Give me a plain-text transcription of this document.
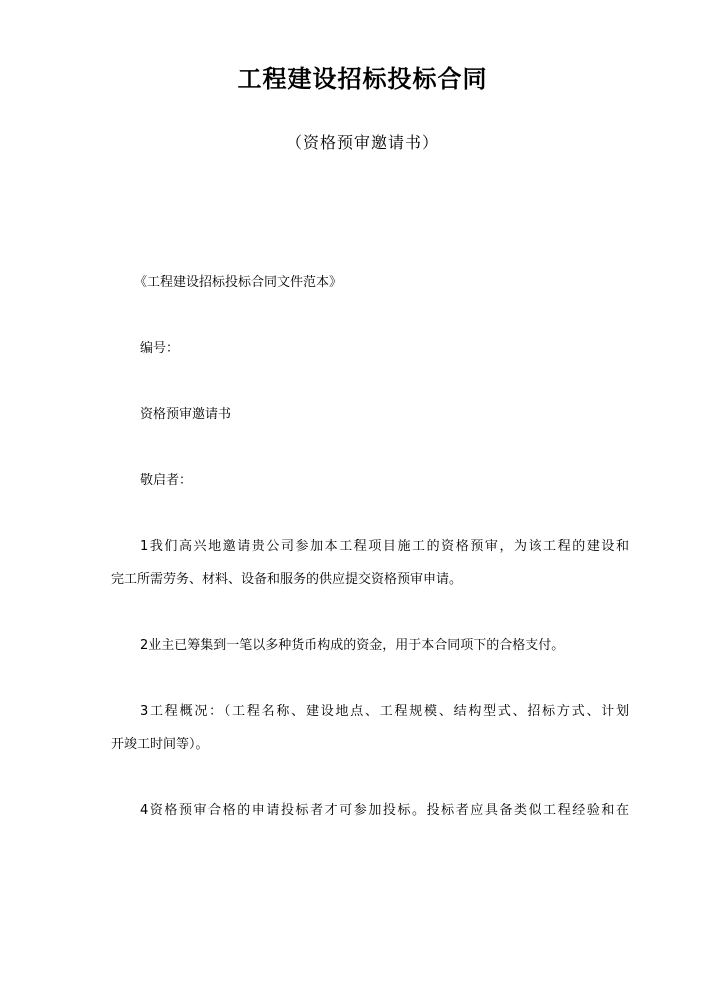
工程建设招标投标合同
（资格预审邀请书）
《工程建设招标投标合同文件范本》
编号：
资格预审邀请书
敬启者：
1我们高兴地邀请贵公司参加本工程项目施工的资格预审，为该工程的建设和
完工所需劳务、材料、设备和服务的供应提交资格预审申请。
2业主已筹集到一笔以多种货币构成的资金，用于本合同项下的合格支付。
3工程概况：（工程名称、建设地点、工程规模、结构型式、招标方式、计划
开竣工时间等）。
4资格预审合格的申请投标者才可参加投标。投标者应具备类似工程经验和在
